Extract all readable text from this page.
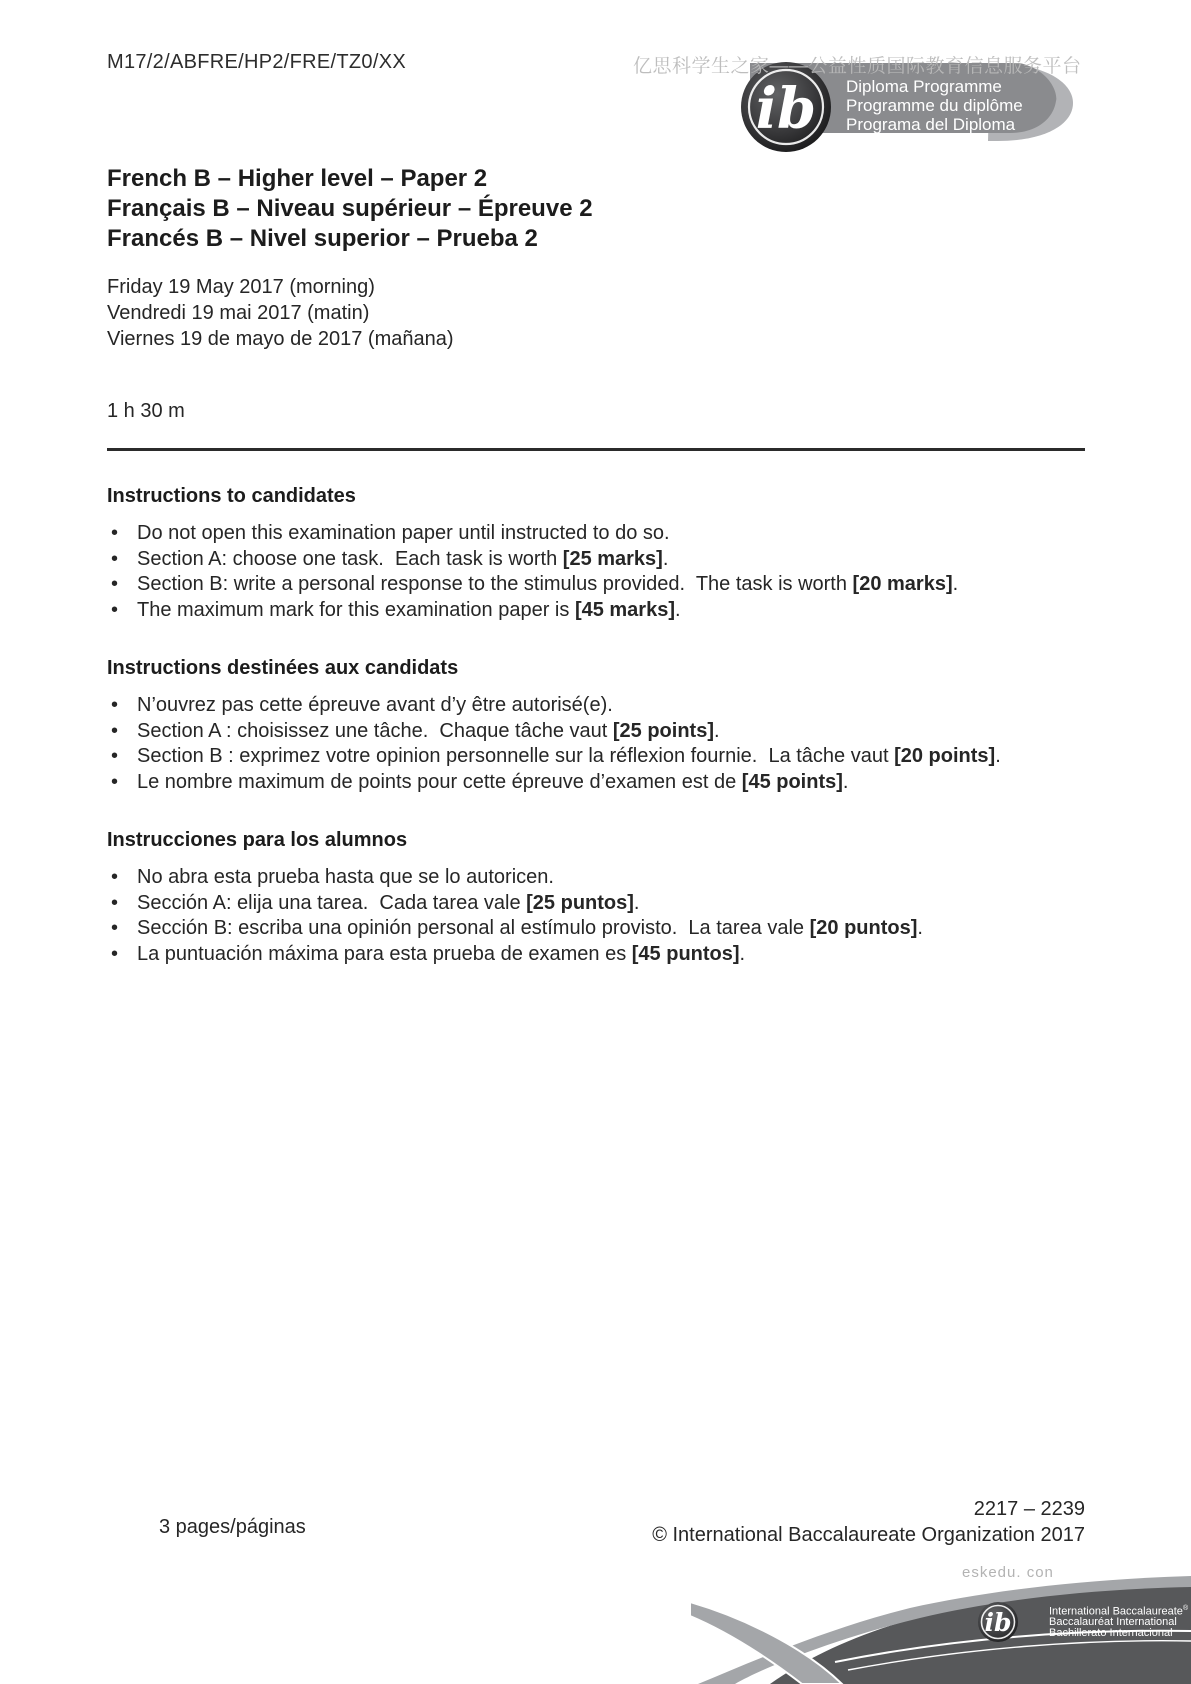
M17/2/ABFRE/HP2/FRE/TZ0/XX	亿思科学生之家——公益性质国际教育信息服务平台
ib Diploma Programme
Programme du diplôme
Programa del Diploma
French B – Higher level – Paper 2
Français B – Niveau supérieur – Épreuve 2
Francés B – Nivel superior – Prueba 2
Friday 19 May 2017 (morning)
Vendredi 19 mai 2017 (matin)
Viernes 19 de mayo de 2017 (mañana)
1 h 30 m
Instructions to candidates
• Do not open this examination paper until instructed to do so.
• Section A: choose one task.  Each task is worth [25 marks].
• Section B: write a personal response to the stimulus provided.  The task is worth [20 marks].
• The maximum mark for this examination paper is [45 marks].
Instructions destinées aux candidats
• N’ouvrez pas cette épreuve avant d’y être autorisé(e).
• Section A : choisissez une tâche.  Chaque tâche vaut [25 points].
• Section B : exprimez votre opinion personnelle sur la réflexion fournie.  La tâche vaut [20 points].
• Le nombre maximum de points pour cette épreuve d’examen est de [45 points].
Instrucciones para los alumnos
• No abra esta prueba hasta que se lo autoricen.
• Sección A: elija una tarea.  Cada tarea vale [25 puntos].
• Sección B: escriba una opinión personal al estímulo provisto.  La tarea vale [20 puntos].
• La puntuación máxima para esta prueba de examen es [45 puntos].
3 pages/páginas
2217 – 2239
© International Baccalaureate Organization 2017
eskedu. con
ib	International Baccalaureate®
Baccalauréat International
Bachillerato Internacional
